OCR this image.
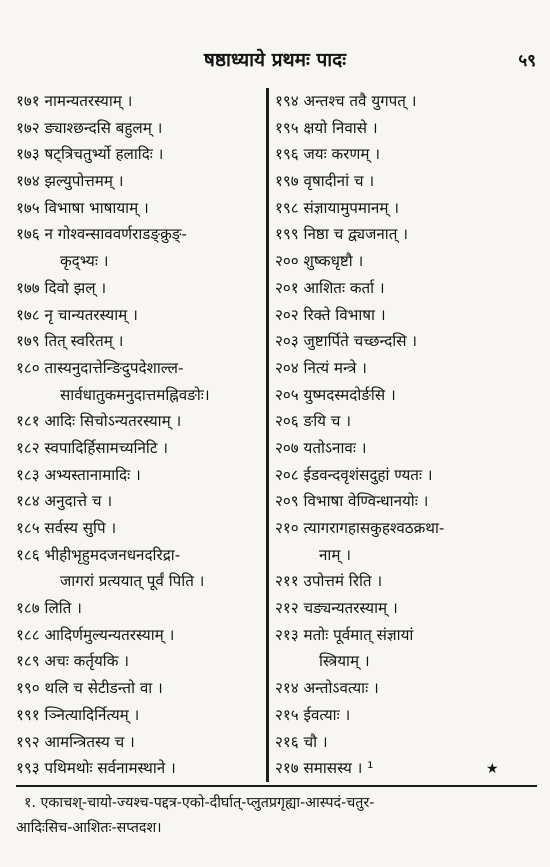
षष्ठाध्याये प्रथमः पादः	५९
१७१ नामन्यतरस्याम् ।
१७२ ङ्याश्छन्दसि बहुलम् ।
१७३ षट्त्रिचतुर्भ्यो हलादिः ।
१७४ झल्युपोत्तमम् ।
१७५ विभाषा भाषायाम् ।
१७६ न गोश्वन्साववर्णराडङ्क्रुङ्-
कृद्भ्यः ।
१७७ दिवो झल् ।
१७८ नृ चान्यतरस्याम् ।
१७९ तित् स्वरितम् ।
१८० तास्यनुदात्तेन्ङिदुपदेशाल्ल-
सार्वधातुकमनुदात्तमह्निवङोः।
१८१ आदिः सिचोऽन्यतरस्याम् ।
१८२ स्वपादिर्हिसामच्यनिटि ।
१८३ अभ्यस्तानामादिः ।
१८४ अनुदात्ते च ।
१८५ सर्वस्य सुपि ।
१८६ भीहीभृहुमदजनधनदरिद्रा-
जागरां प्रत्ययात् पूर्वं पिति ।
१८७ लिति ।
१८८ आदिर्णमुल्यन्यतरस्याम् ।
१८९ अचः कर्तृयकि ।
१९० थलि च सेटीडन्तो वा ।
१९१ ञ्नित्यादिर्नित्यम् ।
१९२ आमन्त्रितस्य च ।
१९३ पथिमथोः सर्वनामस्थाने ।
१९४ अन्तश्च तवै युगपत् ।
१९५ क्षयो निवासे ।
१९६ जयः करणम् ।
१९७ वृषादीनां च ।
१९८ संज्ञायामुपमानम् ।
१९९ निष्ठा च द्व्यजनात् ।
२०० शुष्कधृष्टौ ।
२०१ आशितः कर्ता ।
२०२ रिक्ते विभाषा ।
२०३ जुष्टार्पिते चच्छन्दसि ।
२०४ नित्यं मन्त्रे ।
२०५ युष्मदस्मदोर्ङसि ।
२०६ ङयि च ।
२०७ यतोऽनावः ।
२०८ ईडवन्दवृशंसदुहां ण्यतः ।
२०९ विभाषा वेण्विन्धानयोः ।
२१० त्यागरागहासकुहश्वठक्रथा-
नाम् ।
२११ उपोत्तमं रिति ।
२१२ चङ्यन्यतरस्याम् ।
२१३ मतोः पूर्वमात् संज्ञायां
स्त्रियाम् ।
२१४ अन्तोऽवत्याः ।
२१५ ईवत्याः ।
२१६ चौ ।
२१७ समासस्य । ¹	★
१. एकाचश्-चायो-ज्यश्च-पद्दत्र-एको-दीर्घात्-प्लुतप्रगृह्या-आस्पदं-चतुर-
आदिःसिच-आशितः-सप्तदश।
